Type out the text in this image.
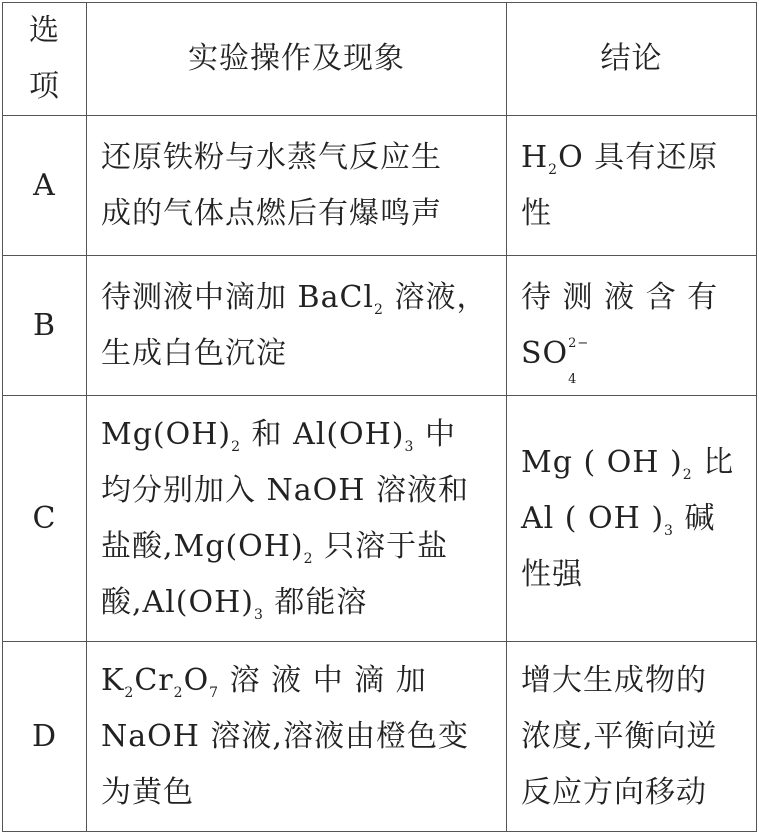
选项	实验操作及现象	结论
A	还原铁粉与水蒸气反应生
成的气体点燃后有爆鸣声	$H_2O$ 具有还原
性

B	待测液中滴加 BaCl$_2$ 溶液，
生成白色沉淀	待 测 液 含 有
SO 2−
4

C	$Mg(OH)_2$ 和 $Al(OH)_3$ 中
均分别加入 NaOH 溶液和
盐酸$,Mg(OH)_2$ 只溶于盐
酸$,Al(OH)_3$ 都能溶	Mg ( OH )$_2$ 比
Al ( OH )$_3$ 碱
性强

D	$K_2Cr_2O_7$ 溶 液 中 滴 加
NaOH 溶液,溶液由橙色变
为黄色	增大生成物的
浓度,平衡向逆
反应方向移动
